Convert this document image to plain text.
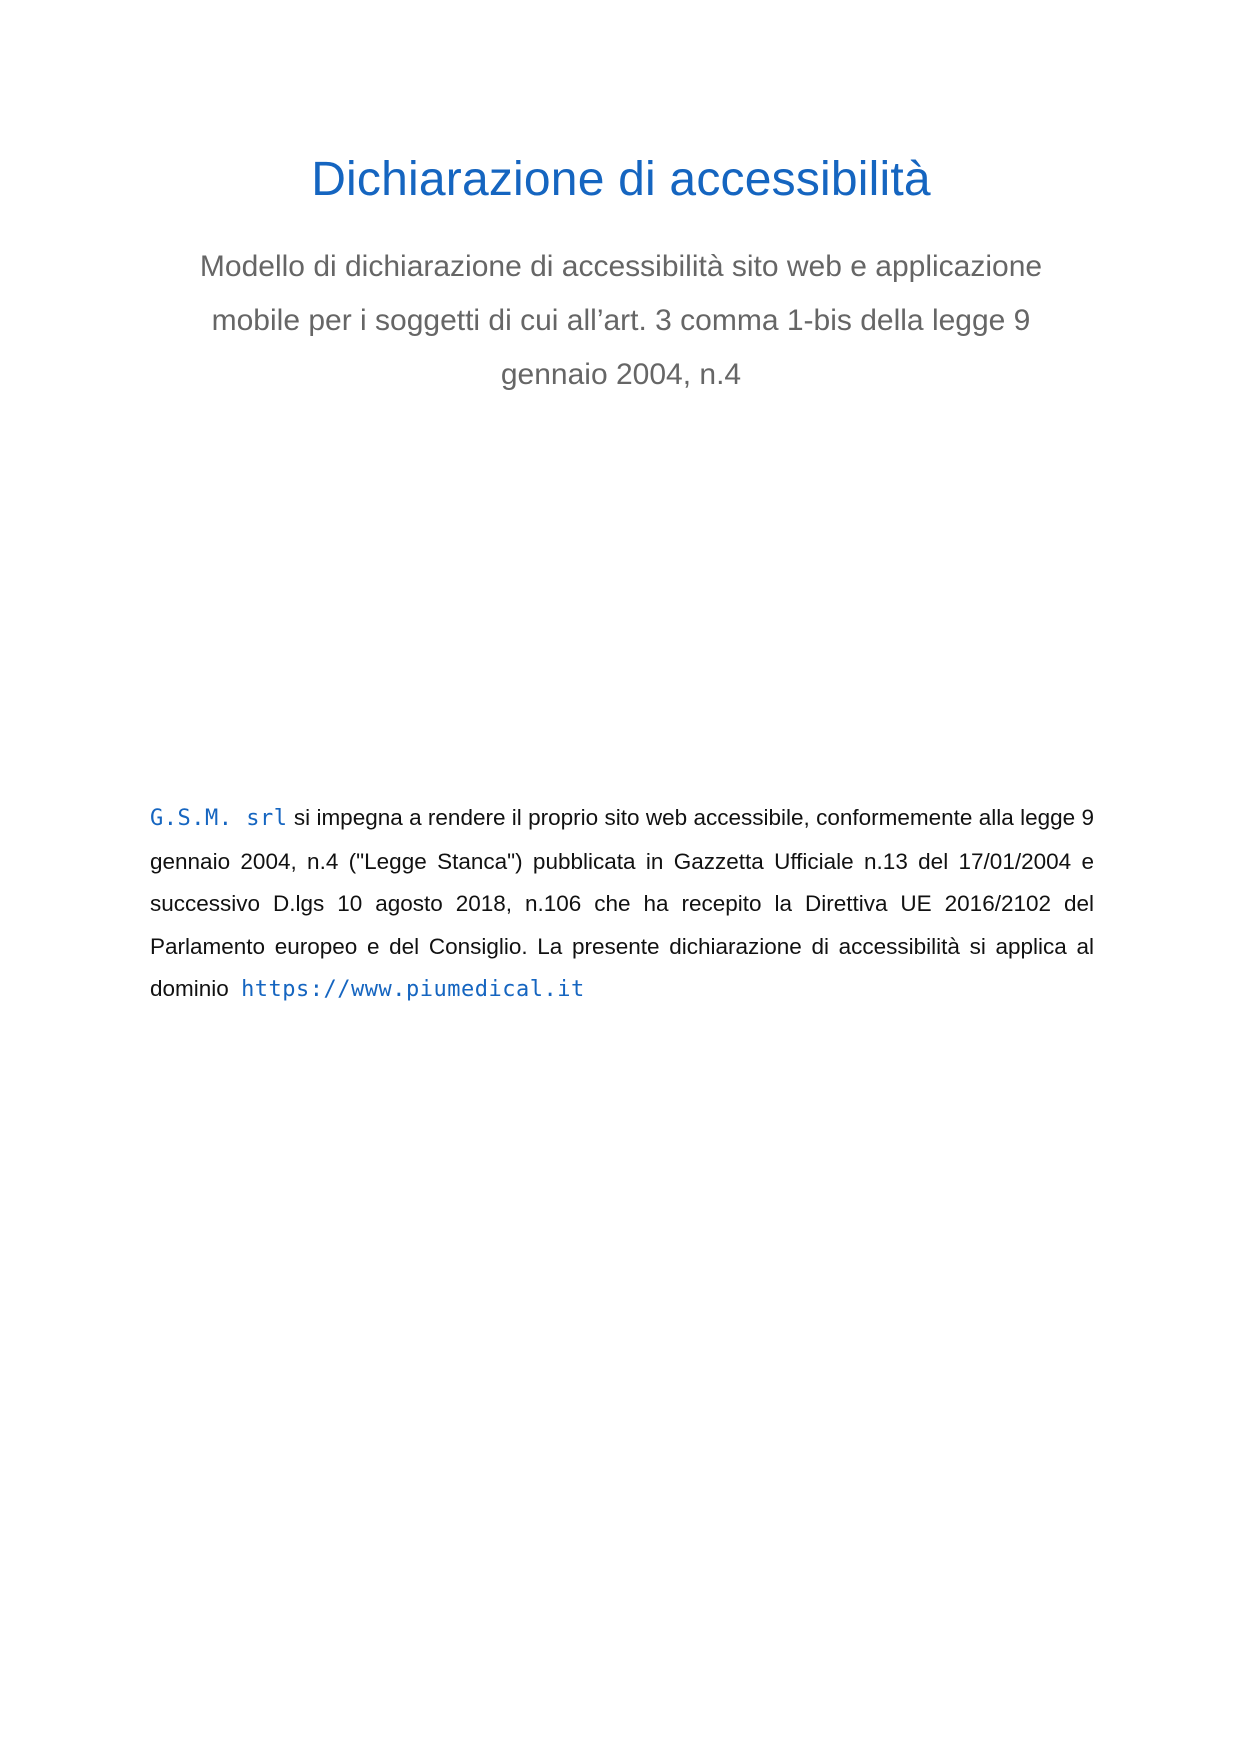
Dichiarazione di accessibilità

Modello di dichiarazione di accessibilità sito web e applicazione mobile per i soggetti di cui all’art. 3 comma 1-bis della legge 9 gennaio 2004, n.4

G.S.M. srl si impegna a rendere il proprio sito web accessibile, conformemente alla legge 9 gennaio 2004, n.4 ("Legge Stanca") pubblicata in Gazzetta Ufficiale n.13 del 17/01/2004 e successivo D.lgs 10 agosto 2018, n.106 che ha recepito la Direttiva UE 2016/2102 del Parlamento europeo e del Consiglio. La presente dichiarazione di accessibilità si applica al dominio https://www.piumedical.it
